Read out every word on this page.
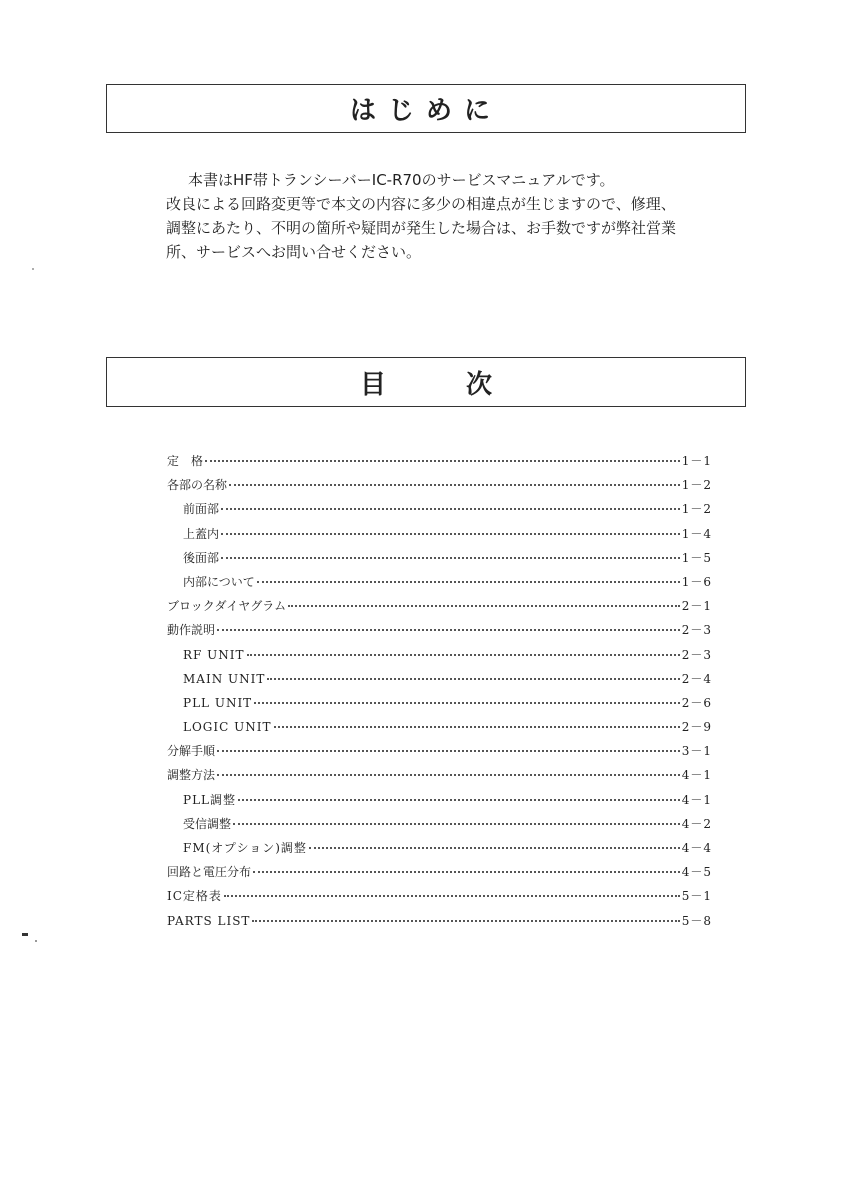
はじめに

本書はHF帯トランシーバーIC-R70のサービスマニュアルです。

改良による回路変更等で本文の内容に多少の相違点が生じますので、修理、

調整にあたり、不明の箇所や疑問が発生した場合は、お手数ですが弊社営業

所、サービスへお問い合せください。

目次
定　格	1－1
各部の名称	1－2
前面部	1－2
上蓋内	1－4
後面部	1－5
内部について	1－6
ブロックダイヤグラム	2－1
動作説明	2－3
RF UNIT	2－3
MAIN UNIT	2－4
PLL UNIT	2－6
LOGIC UNIT	2－9
分解手順	3－1
調整方法	4－1
PLL調整	4－1
受信調整	4－2
FM(オプション)調整	4－4
回路と電圧分布	4－5
IC定格表	5－1
PARTS LIST	5－8
